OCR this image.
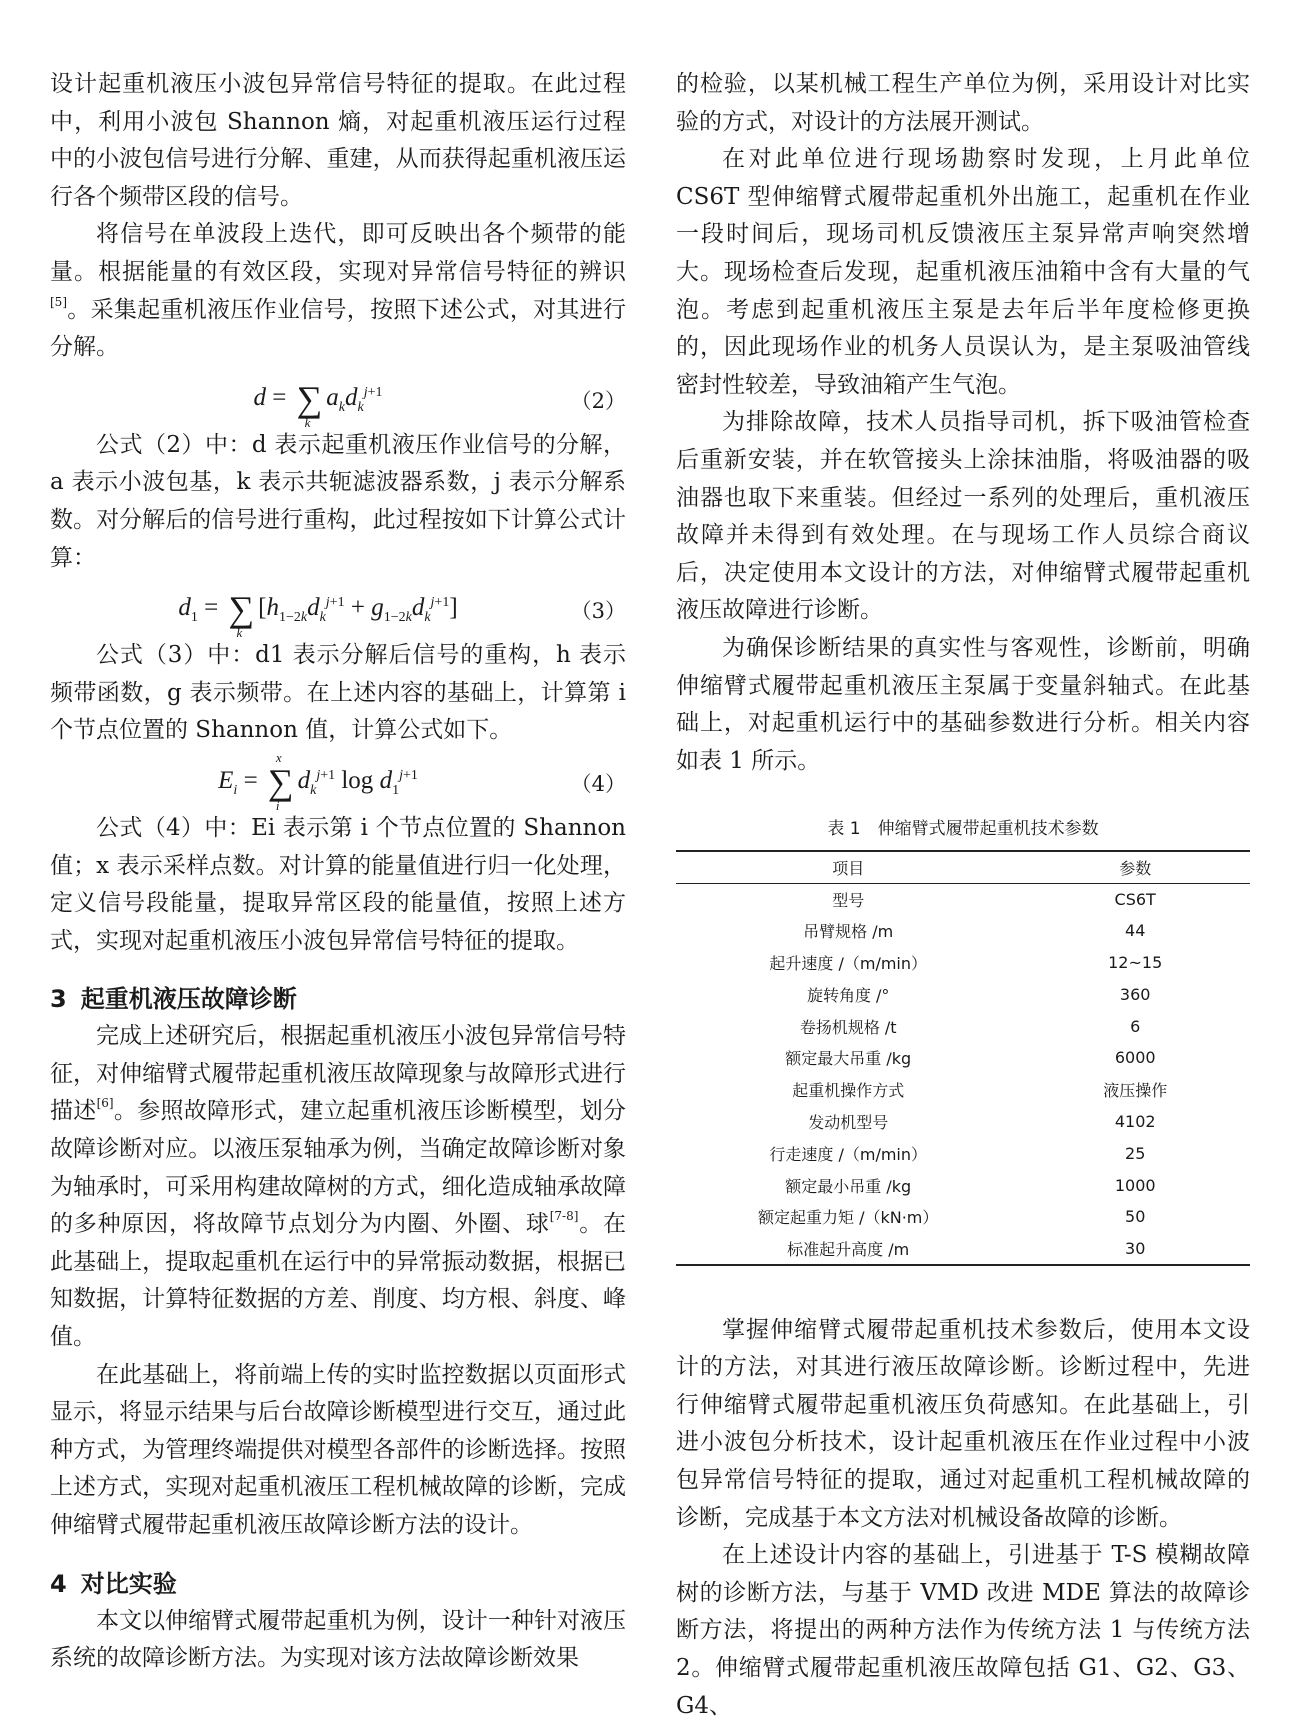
设计起重机液压小波包异常信号特征的提取。在此过程中，利用小波包 Shannon 熵，对起重机液压运行过程中的小波包信号进行分解、重建，从而获得起重机液压运行各个频带区段的信号。

将信号在单波段上迭代，即可反映出各个频带的能量。根据能量的有效区段，实现对异常信号特征的辨识[5]。采集起重机液压作业信号，按照下述公式，对其进行分解。

d = ∑
k
$a_kd_k^{j+1}$	（2）

公式（2）中：d 表示起重机液压作业信号的分解，a 表示小波包基，k 表示共轭滤波器系数，j 表示分解系数。对分解后的信号进行重构，此过程按如下计算公式计算：

$d_1$ = ∑
k
$[h_{1-2k}d_k^{j+1} + g_{1-2k}d_k^{j+1}]$	（3）

公式（3）中：d1 表示分解后信号的重构，h 表示频带函数，g 表示频带。在上述内容的基础上，计算第 i 个节点位置的 Shannon 值，计算公式如下。

$E_i$ =
x
∑
i
$d_k^{j+1}$ $\log d_1^{j+1}$	（4）

公式（4）中：Ei 表示第 i 个节点位置的 Shannon 值；x 表示采样点数。对计算的能量值进行归一化处理，定义信号段能量，提取异常区段的能量值，按照上述方式，实现对起重机液压小波包异常信号特征的提取。

3 起重机液压故障诊断

完成上述研究后，根据起重机液压小波包异常信号特征，对伸缩臂式履带起重机液压故障现象与故障形式进行描述[6]。参照故障形式，建立起重机液压诊断模型，划分故障诊断对应。以液压泵轴承为例，当确定故障诊断对象为轴承时，可采用构建故障树的方式，细化造成轴承故障的多种原因，将故障节点划分为内圈、外圈、球[7-8]。在此基础上，提取起重机在运行中的异常振动数据，根据已知数据，计算特征数据的方差、削度、均方根、斜度、峰值。

在此基础上，将前端上传的实时监控数据以页面形式显示，将显示结果与后台故障诊断模型进行交互，通过此种方式，为管理终端提供对模型各部件的诊断选择。按照上述方式，实现对起重机液压工程机械故障的诊断，完成伸缩臂式履带起重机液压故障诊断方法的设计。

4 对比实验

本文以伸缩臂式履带起重机为例，设计一种针对液压系统的故障诊断方法。为实现对该方法故障诊断效果

的检验，以某机械工程生产单位为例，采用设计对比实验的方式，对设计的方法展开测试。

在对此单位进行现场勘察时发现，上月此单位 CS6T 型伸缩臂式履带起重机外出施工，起重机在作业一段时间后，现场司机反馈液压主泵异常声响突然增大。现场检查后发现，起重机液压油箱中含有大量的气泡。考虑到起重机液压主泵是去年后半年度检修更换的，因此现场作业的机务人员误认为，是主泵吸油管线密封性较差，导致油箱产生气泡。

为排除故障，技术人员指导司机，拆下吸油管检查后重新安装，并在软管接头上涂抹油脂，将吸油器的吸油器也取下来重装。但经过一系列的处理后，重机液压故障并未得到有效处理。在与现场工作人员综合商议后，决定使用本文设计的方法，对伸缩臂式履带起重机液压故障进行诊断。

为确保诊断结果的真实性与客观性，诊断前，明确伸缩臂式履带起重机液压主泵属于变量斜轴式。在此基础上，对起重机运行中的基础参数进行分析。相关内容如表 1 所示。

表 1　伸缩臂式履带起重机技术参数
项目	参数
型号	CS6T
吊臂规格 /m	44
起升速度 /（m/min）	12~15
旋转角度 /°	360
卷扬机规格 /t	6
额定最大吊重 /kg	6000
起重机操作方式	液压操作
发动机型号	4102
行走速度 /（m/min）	25
额定最小吊重 /kg	1000
额定起重力矩 /（kN·m）	50
标准起升高度 /m	30

掌握伸缩臂式履带起重机技术参数后，使用本文设计的方法，对其进行液压故障诊断。诊断过程中，先进行伸缩臂式履带起重机液压负荷感知。在此基础上，引进小波包分析技术，设计起重机液压在作业过程中小波包异常信号特征的提取，通过对起重机工程机械故障的诊断，完成基于本文方法对机械设备故障的诊断。

在上述设计内容的基础上，引进基于 T-S 模糊故障树的诊断方法，与基于 VMD 改进 MDE 算法的故障诊断方法，将提出的两种方法作为传统方法 1 与传统方法 2。伸缩臂式履带起重机液压故障包括 G1、G2、G3、G4、
